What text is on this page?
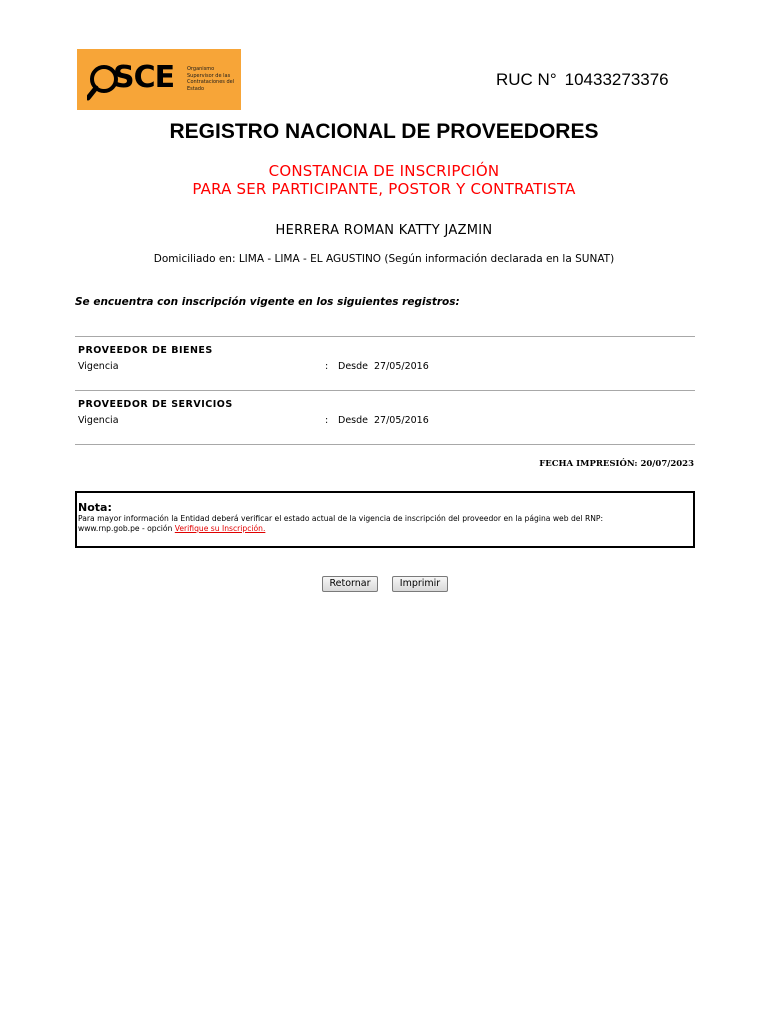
SCE	Organismo Supervisor de las Contrataciones del Estado	RUC N° 10433273376
REGISTRO NACIONAL DE PROVEEDORES
CONSTANCIA DE INSCRIPCIÓN
PARA SER PARTICIPANTE, POSTOR Y CONTRATISTA
HERRERA ROMAN KATTY JAZMIN
Domiciliado en: LIMA - LIMA - EL AGUSTINO (Según información declarada en la SUNAT)
Se encuentra con inscripción vigente en los siguientes registros:
PROVEEDOR DE BIENES
Vigencia	: Desde 27/05/2016
PROVEEDOR DE SERVICIOS
Vigencia	: Desde 27/05/2016
FECHA IMPRESIÓN: 20/07/2023
Nota:
Para mayor información la Entidad deberá verificar el estado actual de la vigencia de inscripción del proveedor en la página web del RNP:
www.rnp.gob.pe - opción Verifique su Inscripción.
Retornar	Imprimir
